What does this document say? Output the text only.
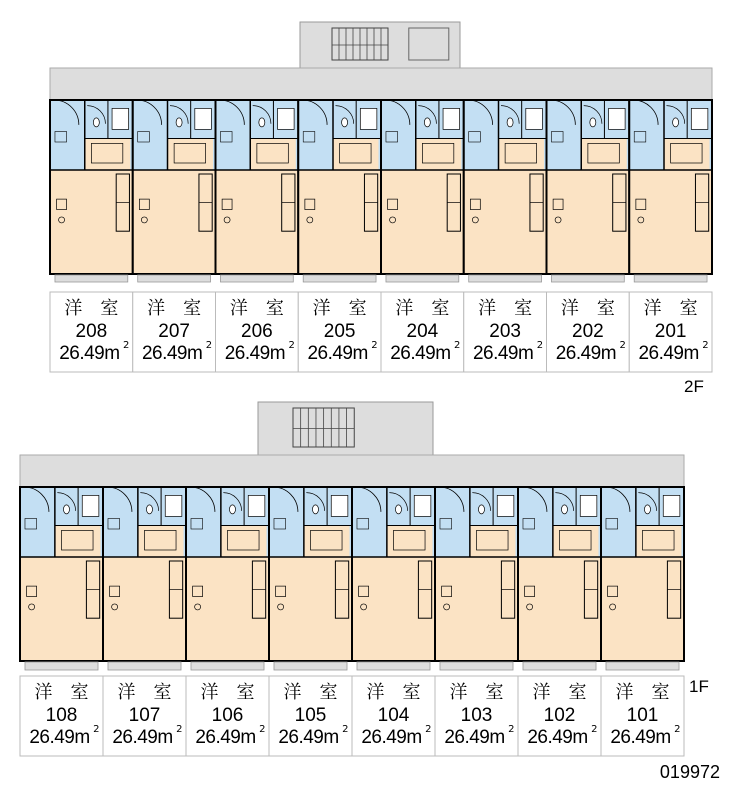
洋 室
208
26.49m 2
洋 室
207
26.49m 2
洋 室
206
26.49m 2
洋 室
205
26.49m 2
洋 室
204
26.49m 2
洋 室
203
26.49m 2
洋 室
202
26.49m 2
洋 室
201
26.49m 2
洋 室
108
26.49m 2
洋 室
107
26.49m 2
洋 室
106
26.49m 2
洋 室
105
26.49m 2
洋 室
104
26.49m 2
洋 室
103
26.49m 2
洋 室
102
26.49m 2
洋 室
101
26.49m 2
2F
1F
019972
